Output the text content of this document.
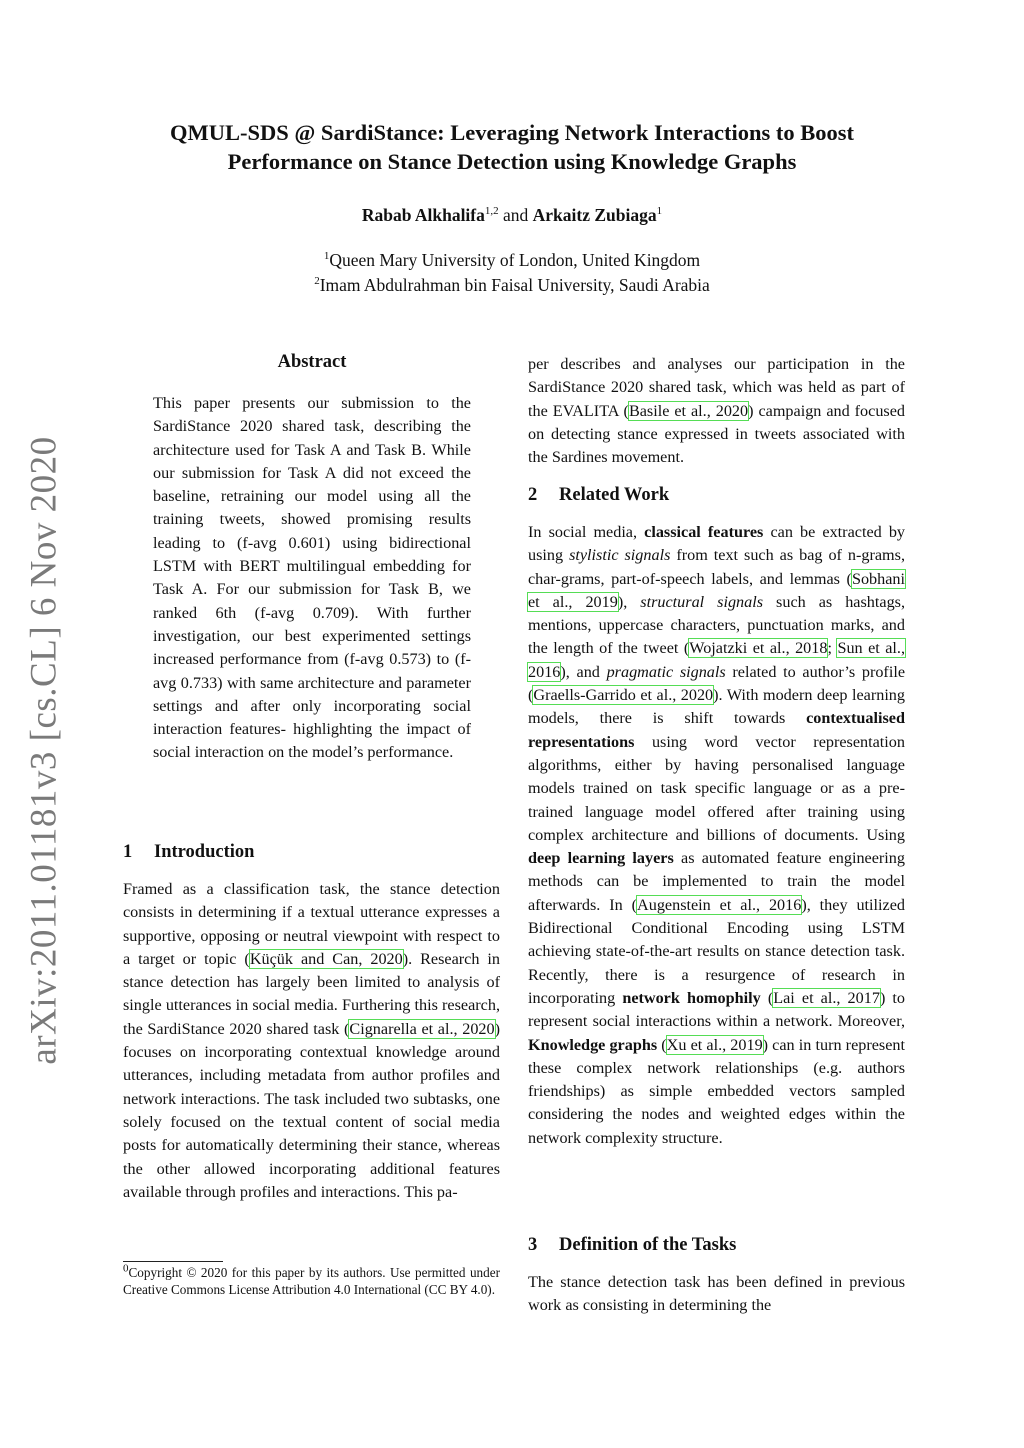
arXiv:2011.01181v3 [cs.CL] 6 Nov 2020
QMUL-SDS @ SardiStance: Leveraging Network Interactions to Boost
Performance on Stance Detection using Knowledge Graphs
Rabab Alkhalifa$^{1,2}$ and Arkaitz Zubiaga$^1$
$^1$Queen Mary University of London, United Kingdom
$^2$Imam Abdulrahman bin Faisal University, Saudi Arabia
Abstract
This paper presents our submission to the SardiStance 2020 shared task, describing the architecture used for Task A and Task B. While our submission for Task A did not exceed the baseline, retraining our model using all the training tweets, showed promising results leading to (f-avg 0.601) using bidirectional LSTM with BERT multilingual embedding for Task A. For our submission for Task B, we ranked 6th (f-avg 0.709). With further investigation, our best experimented settings increased performance from (f-avg 0.573) to (f-avg 0.733) with same architecture and parameter settings and after only incorporating social interaction features- highlighting the impact of social interaction on the model’s performance.
1 Introduction
Framed as a classification task, the stance detection consists in determining if a textual utterance expresses a supportive, opposing or neutral viewpoint with respect to a target or topic (Küçük and Can, 2020). Research in stance detection has largely been limited to analysis of single utterances in social media. Furthering this research, the SardiStance 2020 shared task (Cignarella et al., 2020) focuses on incorporating contextual knowledge around utterances, including metadata from author profiles and network interactions. The task included two subtasks, one solely focused on the textual content of social media posts for automatically determining their stance, whereas the other allowed incorporating additional features available through profiles and interactions. This pa-
$^0$Copyright © 2020 for this paper by its authors. Use permitted under Creative Commons License Attribution 4.0 International (CC BY 4.0).
per describes and analyses our participation in the SardiStance 2020 shared task, which was held as part of the EVALITA (Basile et al., 2020) campaign and focused on detecting stance expressed in tweets associated with the Sardines movement.
2 Related Work
In social media, classical features can be extracted by using stylistic signals from text such as bag of n-grams, char-grams, part-of-speech labels, and lemmas (Sobhani et al., 2019), structural signals such as hashtags, mentions, uppercase characters, punctuation marks, and the length of the tweet (Wojatzki et al., 2018; Sun et al., 2016), and pragmatic signals related to author’s profile (Graells-Garrido et al., 2020). With modern deep learning models, there is shift towards contextualised representations using word vector representation algorithms, either by having personalised language models trained on task specific language or as a pre-trained language model offered after training using complex architecture and billions of documents. Using deep learning layers as automated feature engineering methods can be implemented to train the model afterwards. In (Augenstein et al., 2016), they utilized Bidirectional Conditional Encoding using LSTM achieving state-of-the-art results on stance detection task. Recently, there is a resurgence of research in incorporating network homophily (Lai et al., 2017) to represent social interactions within a network. Moreover, Knowledge graphs (Xu et al., 2019) can in turn represent these complex network relationships (e.g. authors friendships) as simple embedded vectors sampled considering the nodes and weighted edges within the network complexity structure.
3 Definition of the Tasks
The stance detection task has been defined in previous work as consisting in determining the
